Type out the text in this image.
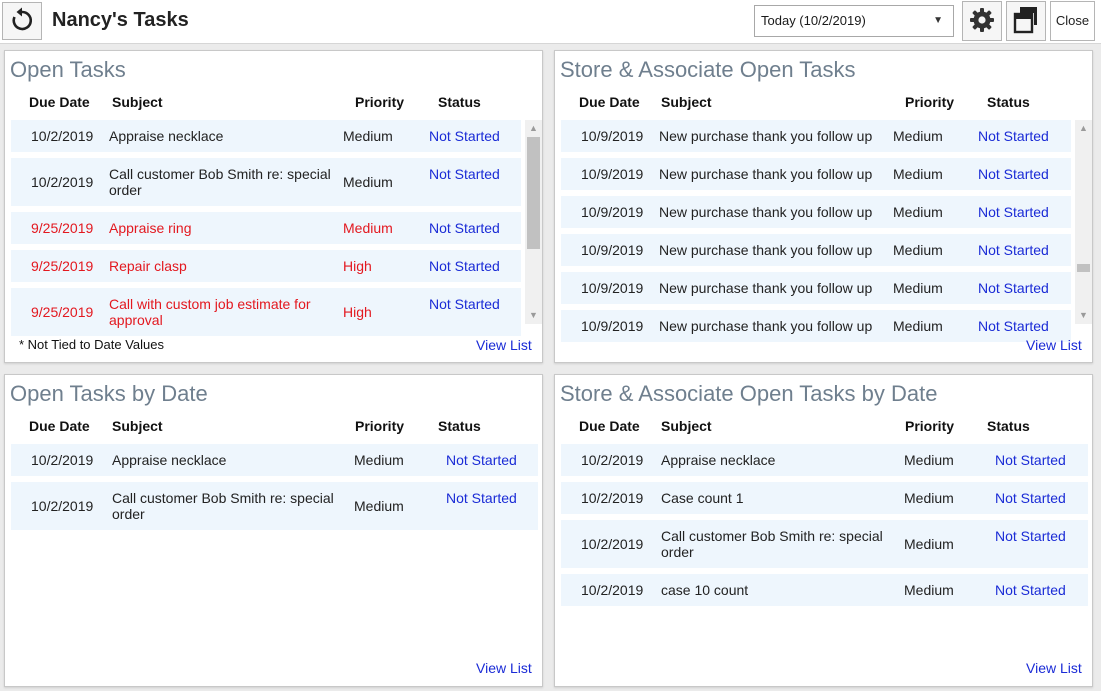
Nancy's Tasks	Today (10/2/2019)	▼	Close
Open Tasks
Due Date Subject	Priority Status
10/2/2019 Appraise necklace	Medium	Not Started
10/2/2019 Call customer Bob Smith re: special order	Medium	Not Started
9/25/2019 Appraise ring	Medium	Not Started
9/25/2019 Repair clasp	High	Not Started
9/25/2019 Call with custom job estimate for approval	High	Not Started
▲
▼
* Not Tied to Date Values	View List
Store & Associate Open Tasks
Due Date Subject	Priority Status
10/9/2019 New purchase thank you follow up Medium	Not Started
10/9/2019 New purchase thank you follow up Medium	Not Started
10/9/2019 New purchase thank you follow up Medium	Not Started
10/9/2019 New purchase thank you follow up Medium	Not Started
10/9/2019 New purchase thank you follow up Medium	Not Started
10/9/2019 New purchase thank you follow up Medium	Not Started
▲
▼
View List
Open Tasks by Date
Due Date Subject	Priority Status
10/2/2019 Appraise necklace	Medium	Not Started
10/2/2019 Call customer Bob Smith re: special order	Medium	Not Started
View List
Store & Associate Open Tasks by Date
Due Date Subject	Priority Status
10/2/2019 Appraise necklace	Medium	Not Started
10/2/2019 Case count 1	Medium	Not Started
10/2/2019 Call customer Bob Smith re: special order	Medium	Not Started
10/2/2019 case 10 count	Medium	Not Started
View List
